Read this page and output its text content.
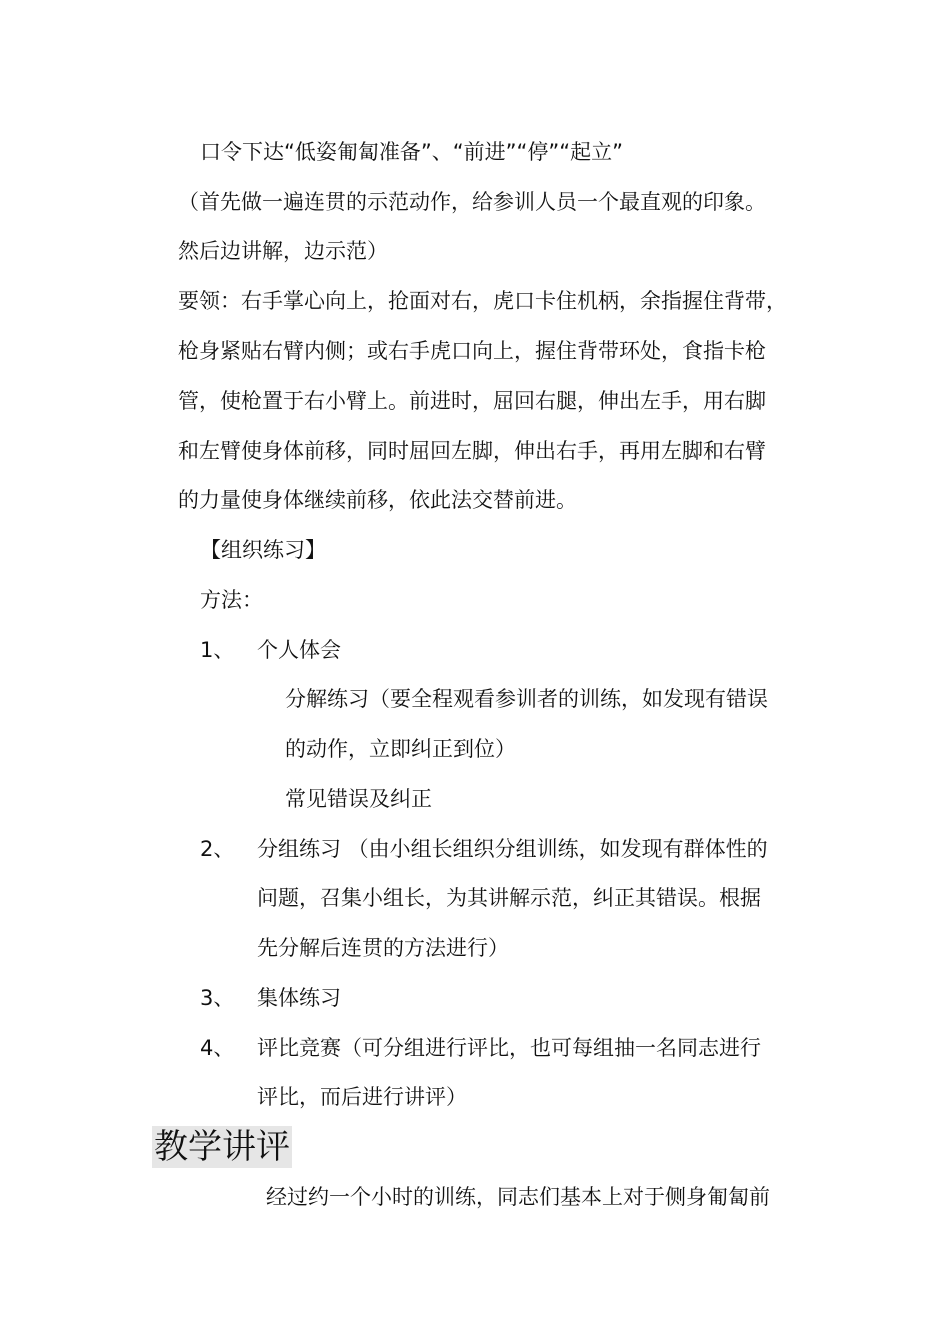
口令下达“低姿匍匐准备”、“前进”“停”“起立”

（首先做一遍连贯的示范动作，给参训人员一个最直观的印象。

然后边讲解，边示范）

要领：右手掌心向上，抢面对右，虎口卡住机柄，余指握住背带，

枪身紧贴右臂内侧；或右手虎口向上，握住背带环处，食指卡枪

管，使枪置于右小臂上。前进时，屈回右腿，伸出左手，用右脚

和左臂使身体前移，同时屈回左脚，伸出右手，再用左脚和右臂

的力量使身体继续前移，依此法交替前进。

【组织练习】

方法：

1、 个人体会

分解练习（要全程观看参训者的训练，如发现有错误

的动作，立即纠正到位）

常见错误及纠正

2、 分组练习 （由小组长组织分组训练，如发现有群体性的

问题，召集小组长，为其讲解示范，纠正其错误。根据

先分解后连贯的方法进行）

3、 集体练习

4、 评比竞赛（可分组进行评比，也可每组抽一名同志进行

评比，而后进行讲评）

教学讲评

经过约一个小时的训练，同志们基本上对于侧身匍匐前
